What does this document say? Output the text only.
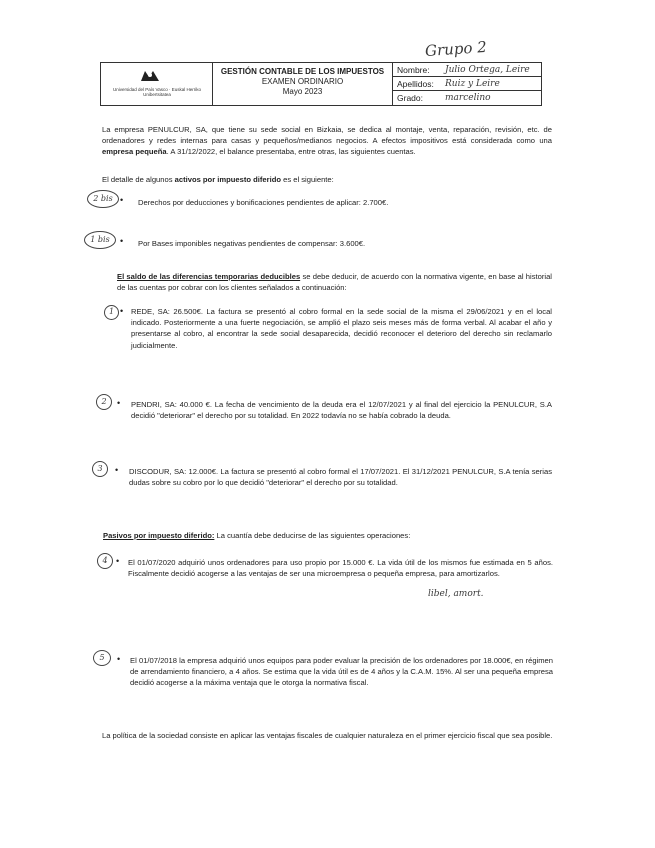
Grupo 2
Universidad del País Vasco · Euskal Herriko Unibertsitatea
GESTIÓN CONTABLE DE LOS IMPUESTOS
EXAMEN ORDINARIO
Mayo 2023
Nombre: Julio Ortega, Leire
Apellidos: Ruiz y Leire
Grado: marcelino
La empresa PENULCUR, SA, que tiene su sede social en Bizkaia, se dedica al montaje, venta, reparación, revisión, etc. de ordenadores y redes internas para casas y pequeños/medianos negocios. A efectos impositivos está considerada como una empresa pequeña. A 31/12/2022, el balance presentaba, entre otras, las siguientes cuentas.
El detalle de algunos activos por impuesto diferido es el siguiente:
2 bis • Derechos por deducciones y bonificaciones pendientes de aplicar: 2.700€.
1 bis	• Por Bases imponibles negativas pendientes de compensar: 3.600€.
El saldo de las diferencias temporarias deducibles se debe deducir, de acuerdo con la normativa vigente, en base al historial de las cuentas por cobrar con los clientes señalados a continuación:
1 • REDE, SA: 26.500€. La factura se presentó al cobro formal en la sede social de la misma el 29/06/2021 y en el local indicado. Posteriormente a una fuerte negociación, se amplió el plazo seis meses más de forma verbal. Al acabar el año y presentarse al cobro, al encontrar la sede social desaparecida, decidió reconocer el deterioro del derecho sin reclamarlo judicialmente.
2	• PENDRI, SA: 40.000 €. La fecha de vencimiento de la deuda era el 12/07/2021 y al final del ejercicio la PENULCUR, S.A decidió "deteriorar" el derecho por su totalidad. En 2022 todavía no se había cobrado la deuda.
3	• DISCODUR, SA: 12.000€. La factura se presentó al cobro formal el 17/07/2021. El 31/12/2021 PENULCUR, S.A tenía serias dudas sobre su cobro por lo que decidió "deteriorar" el derecho por su totalidad.
Pasivos por impuesto diferido: La cuantía debe deducirse de las siguientes operaciones:
4 • El 01/07/2020 adquirió unos ordenadores para uso propio por 15.000 €. La vida útil de los mismos fue estimada en 5 años. Fiscalmente decidió acogerse a las ventajas de ser una microempresa o pequeña empresa, para amortizarlos.
libel, amort.
5	• El 01/07/2018 la empresa adquirió unos equipos para poder evaluar la precisión de los ordenadores por 18.000€, en régimen de arrendamiento financiero, a 4 años. Se estima que la vida útil es de 4 años y la C.A.M. 15%. Al ser una pequeña empresa decidió acogerse a la máxima ventaja que le otorga la normativa fiscal.
La política de la sociedad consiste en aplicar las ventajas fiscales de cualquier naturaleza en el primer ejercicio fiscal que sea posible.
